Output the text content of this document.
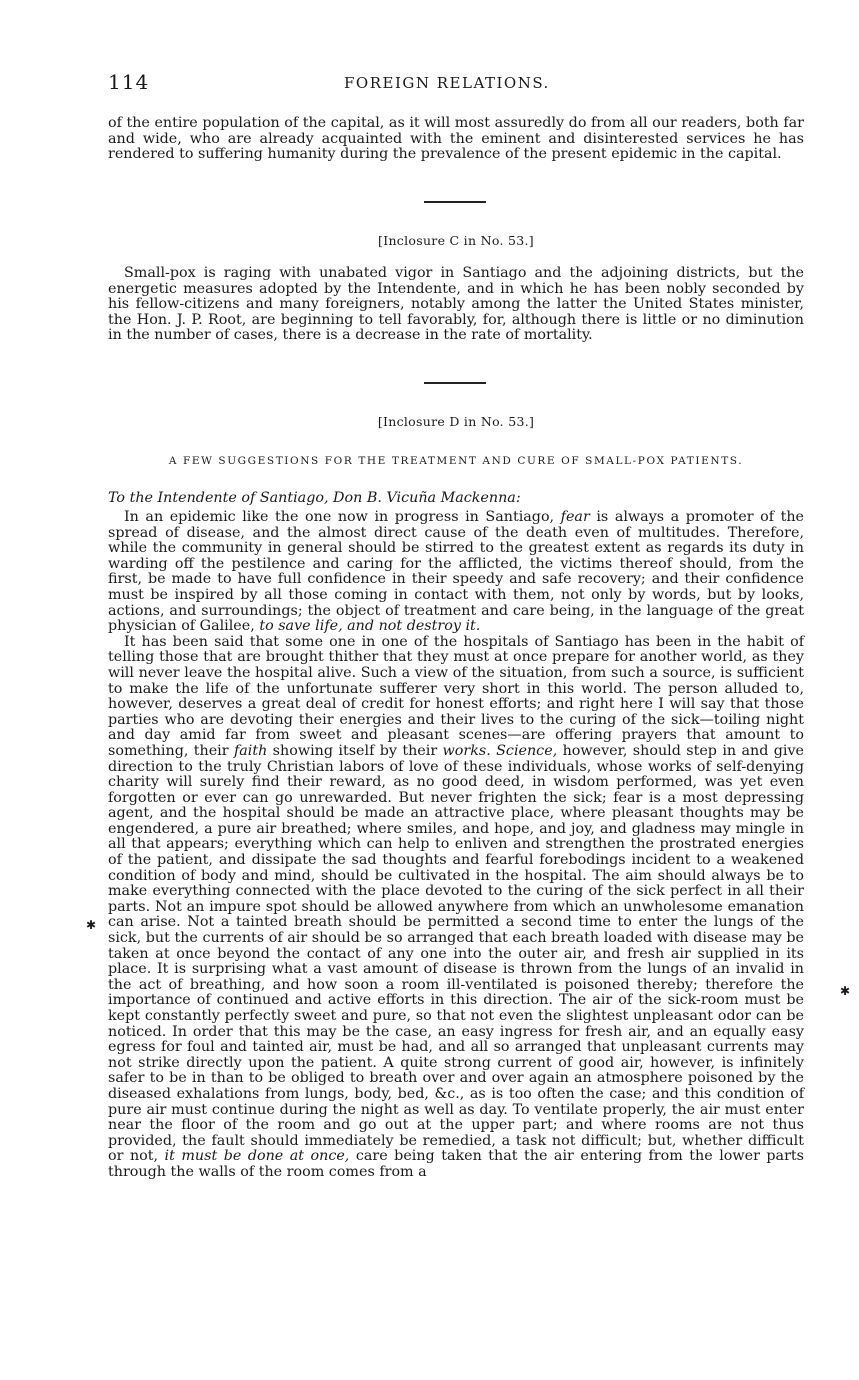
114	FOREIGN RELATIONS.

of the entire population of the capital, as it will most assuredly do from all our readers, both far and wide, who are already acquainted with the eminent and disinterested services he has rendered to suffering humanity during the prevalence of the present epidemic in the capital.

[Inclosure C in No. 53.]

Small-pox is raging with unabated vigor in Santiago and the adjoining districts, but the energetic measures adopted by the Intendente, and in which he has been nobly seconded by his fellow-citizens and many foreigners, notably among the latter the United States minister, the Hon. J. P. Root, are beginning to tell favorably, for, although there is little or no diminution in the number of cases, there is a decrease in the rate of mortality.

[Inclosure D in No. 53.]
A FEW SUGGESTIONS FOR THE TREATMENT AND CURE OF SMALL-POX PATIENTS.
To the Intendente of Santiago, Don B. Vicuña Mackenna:

In an epidemic like the one now in progress in Santiago, fear is always a promoter of the spread of disease, and the almost direct cause of the death even of multitudes. Therefore, while the community in general should be stirred to the greatest extent as regards its duty in warding off the pestilence and caring for the afflicted, the victims thereof should, from the first, be made to have full confidence in their speedy and safe recovery; and their confidence must be inspired by all those coming in contact with them, not only by words, but by looks, actions, and surroundings; the object of treatment and care being, in the language of the great physician of Galilee, to save life, and not destroy it.

It has been said that some one in one of the hospitals of Santiago has been in the habit of telling those that are brought thither that they must at once prepare for another world, as they will never leave the hospital alive. Such a view of the situation, from such a source, is sufficient to make the life of the unfortunate sufferer very short in this world. The person alluded to, however, deserves a great deal of credit for honest efforts; and right here I will say that those parties who are devoting their energies and their lives to the curing of the sick—toiling night and day amid far from sweet and pleasant scenes—are offering prayers that amount to something, their faith showing itself by their works. Science, however, should step in and give direction to the truly Christian labors of love of these individuals, whose works of self-denying charity will surely find their reward, as no good deed, in wisdom performed, was yet even forgotten or ever can go unrewarded. But never frighten the sick; fear is a most depressing agent, and the hospital should be made an attractive place, where pleasant thoughts may be engendered, a pure air breathed; where smiles, and hope, and joy, and gladness may mingle in all that appears; everything which can help to enliven and strengthen the prostrated energies of the patient, and dissipate the sad thoughts and fearful forebodings incident to a weakened condition of body and mind, should be cultivated in the hospital. The aim should always be to make everything connected with the place devoted to the curing of the sick perfect in all their parts. Not an impure spot should be allowed anywhere from which an unwholesome emanation can arise. Not a tainted breath should be permitted a second time to enter the lungs of the sick, but the currents of air should be so arranged that each breath loaded with disease may be taken at once beyond the contact of any one into the outer air, and fresh air supplied in its place. It is surprising what a vast amount of disease is thrown from the lungs of an invalid in the act of breathing, and how soon a room ill-ventilated is poisoned thereby; therefore the importance of continued and active efforts in this direction. The air of the sick-room must be kept constantly perfectly sweet and pure, so that not even the slightest unpleasant odor can be noticed. In order that this may be the case, an easy ingress for fresh air, and an equally easy egress for foul and tainted air, must be had, and all so arranged that unpleasant currents may not strike directly upon the patient. A quite strong current of good air, however, is infinitely safer to be in than to be obliged to breath over and over again an atmosphere poisoned by the diseased exhalations from lungs, body, bed, &c., as is too often the case; and this condition of pure air must continue during the night as well as day. To ventilate properly, the air must enter near the floor of the room and go out at the upper part; and where rooms are not thus provided, the fault should immediately be remedied, a task not difficult; but, whether difficult or not, it must be done at once, care being taken that the air entering from the lower parts through the walls of the room comes from a

✱
✱
